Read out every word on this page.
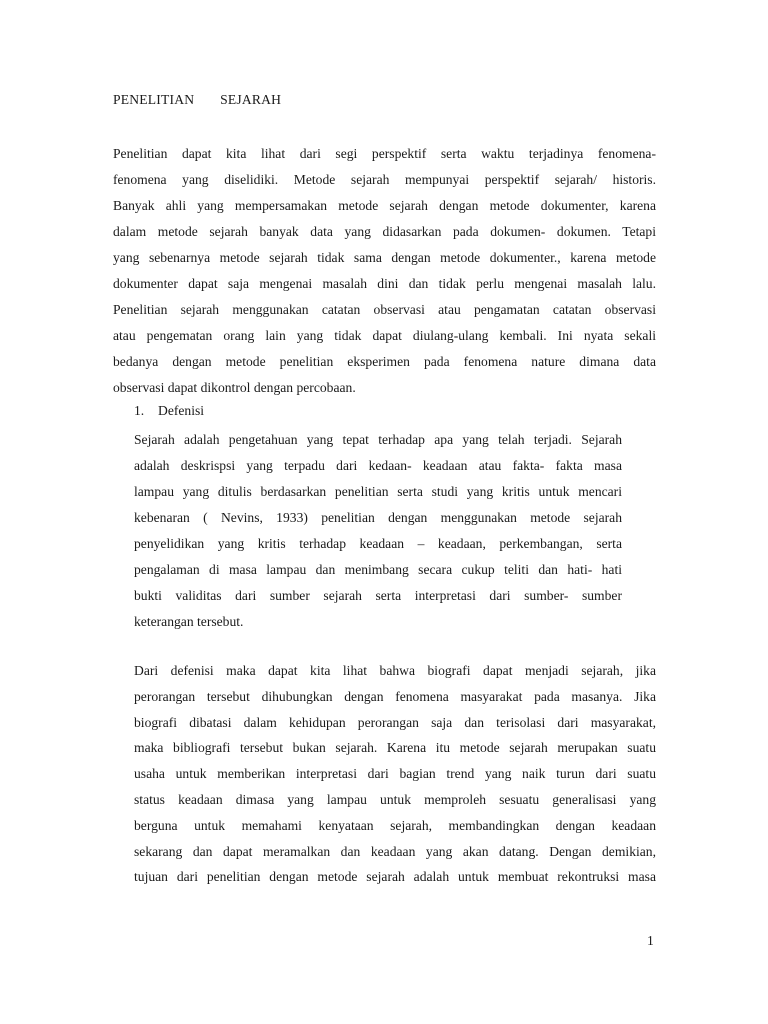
PENELITIAN   SEJARAH
Penelitian dapat kita lihat dari segi perspektif serta waktu terjadinya fenomena-
fenomena yang diselidiki. Metode sejarah mempunyai perspektif sejarah/ historis.
Banyak ahli yang mempersamakan metode sejarah dengan metode dokumenter, karena
dalam metode sejarah banyak data yang didasarkan pada dokumen- dokumen. Tetapi
yang sebenarnya metode sejarah tidak sama dengan metode dokumenter., karena metode
dokumenter dapat saja mengenai masalah dini dan tidak perlu mengenai masalah lalu.
Penelitian sejarah menggunakan catatan observasi atau pengamatan catatan observasi
atau pengematan orang lain yang tidak dapat diulang-ulang kembali. Ini nyata sekali
bedanya dengan metode penelitian eksperimen pada fenomena nature dimana data
observasi dapat dikontrol dengan percobaan.
1. Defenisi
Sejarah adalah pengetahuan yang tepat terhadap apa yang telah terjadi. Sejarah
adalah deskrispsi yang terpadu dari kedaan- keadaan atau fakta- fakta masa
lampau yang ditulis berdasarkan penelitian serta studi yang kritis untuk mencari
kebenaran ( Nevins, 1933) penelitian dengan menggunakan metode sejarah
penyelidikan yang kritis terhadap keadaan – keadaan, perkembangan, serta
pengalaman di masa lampau dan menimbang secara cukup teliti dan hati- hati
bukti validitas dari sumber sejarah serta interpretasi dari sumber- sumber
keterangan tersebut.
Dari defenisi maka dapat kita lihat bahwa biografi dapat menjadi sejarah, jika
perorangan tersebut dihubungkan dengan fenomena masyarakat pada masanya. Jika
biografi dibatasi dalam kehidupan perorangan saja dan terisolasi dari masyarakat,
maka bibliografi tersebut bukan sejarah. Karena itu metode sejarah merupakan suatu
usaha untuk memberikan interpretasi dari bagian trend yang naik turun dari suatu
status keadaan dimasa yang lampau untuk memproleh sesuatu generalisasi yang
berguna untuk memahami kenyataan sejarah, membandingkan dengan keadaan
sekarang dan dapat meramalkan dan keadaan yang akan datang. Dengan demikian,
tujuan dari penelitian dengan metode sejarah adalah untuk membuat rekontruksi masa
1
